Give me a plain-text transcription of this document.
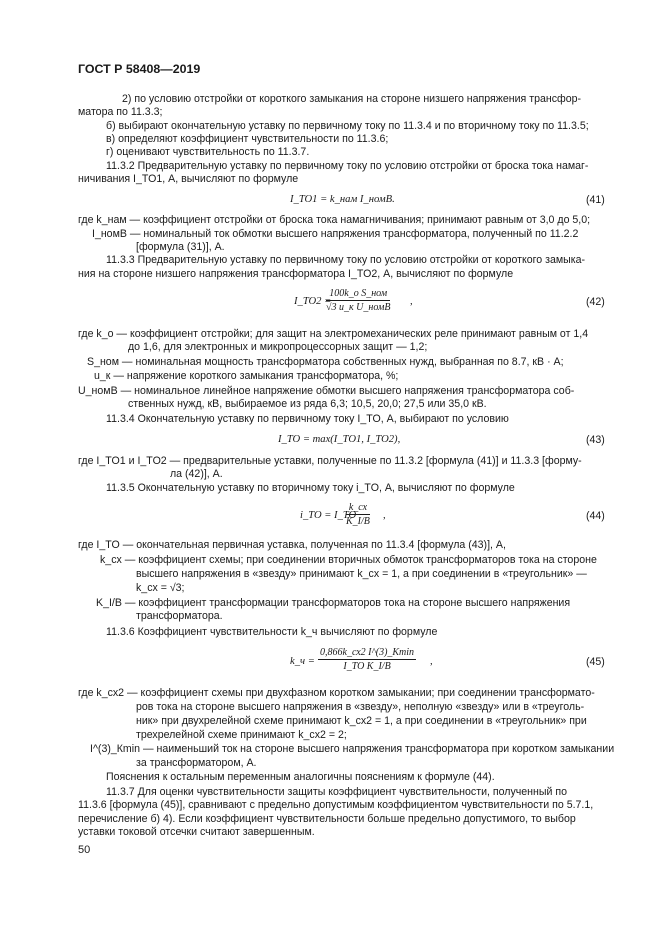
ГОСТ Р 58408—2019
2) по условию отстройки от короткого замыкания на стороне низшего напряжения трансфор-
матора по 11.3.3;
б) выбирают окончательную уставку по первичному току по 11.3.4 и по вторичному току по 11.3.5;
в) определяют коэффициент чувствительности по 11.3.6;
г) оценивают чувствительность по 11.3.7.
11.3.2 Предварительную уставку по первичному току по условию отстройки от броска тока намаг-
ничивания I_TO1, А, вычисляют по формуле
I_TO1 = k_нам I_номВ.	(41)
где k_нам — коэффициент отстройки от броска тока намагничивания; принимают равным от 3,0 до 5,0;
I_номВ — номинальный ток обмотки высшего напряжения трансформатора, полученный по 11.2.2
[формула (31)], А.
11.3.3 Предварительную уставку по первичному току по условию отстройки от короткого замыка-
ния на стороне низшего напряжения трансформатора I_TO2, А, вычисляют по формуле
I_TO2 =
100k_о S_ном
√3 u_к U_номВ
,	(42)
где k_о — коэффициент отстройки; для защит на электромеханических реле принимают равным от 1,4
до 1,6, для электронных и микропроцессорных защит — 1,2;
S_ном — номинальная мощность трансформатора собственных нужд, выбранная по 8.7, кВ · А;
u_к — напряжение короткого замыкания трансформатора, %;
U_номВ — номинальное линейное напряжение обмотки высшего напряжения трансформатора соб-
ственных нужд, кВ, выбираемое из ряда 6,3; 10,5, 20,0; 27,5 или 35,0 кВ.
11.3.4 Окончательную уставку по первичному току I_TO, А, выбирают по условию
I_TO = max(I_TO1, I_TO2),	(43)
где I_TO1 и I_TO2 — предварительные уставки, полученные по 11.3.2 [формула (41)] и 11.3.3 [форму-
ла (42)], А.
11.3.5 Окончательную уставку по вторичному току i_TO, А, вычисляют по формуле
i_TO = I_TO
k_сх
K_I/В
,	(44)
где I_TO — окончательная первичная уставка, полученная по 11.3.4 [формула (43)], А,
k_сх — коэффициент схемы; при соединении вторичных обмоток трансформаторов тока на стороне
высшего напряжения в «звезду» принимают k_сх = 1, а при соединении в «треугольник» —
k_сх = √3;
K_I/В — коэффициент трансформации трансформаторов тока на стороне высшего напряжения
трансформатора.
11.3.6 Коэффициент чувствительности k_ч вычисляют по формуле
k_ч =
0,866k_сх2 I^(3)_Кmin
I_TO K_I/В	,	(45)
где k_сх2 — коэффициент схемы при двухфазном коротком замыкании; при соединении трансформато-
ров тока на стороне высшего напряжения в «звезду», неполную «звезду» или в «треуголь-
ник» при двухрелейной схеме принимают k_сх2 = 1, а при соединении в «треугольник» при
трехрелейной схеме принимают k_сх2 = 2;
I^(3)_Кmin — наименьший ток на стороне высшего напряжения трансформатора при коротком замыкании
за трансформатором, А.
Пояснения к остальным переменным аналогичны пояснениям к формуле (44).
11.3.7 Для оценки чувствительности защиты коэффициент чувствительности, полученный по
11.3.6 [формула (45)], сравнивают с предельно допустимым коэффициентом чувствительности по 5.7.1,
перечисление б) 4). Если коэффициент чувствительности больше предельно допустимого, то выбор
уставки токовой отсечки считают завершенным.
50
